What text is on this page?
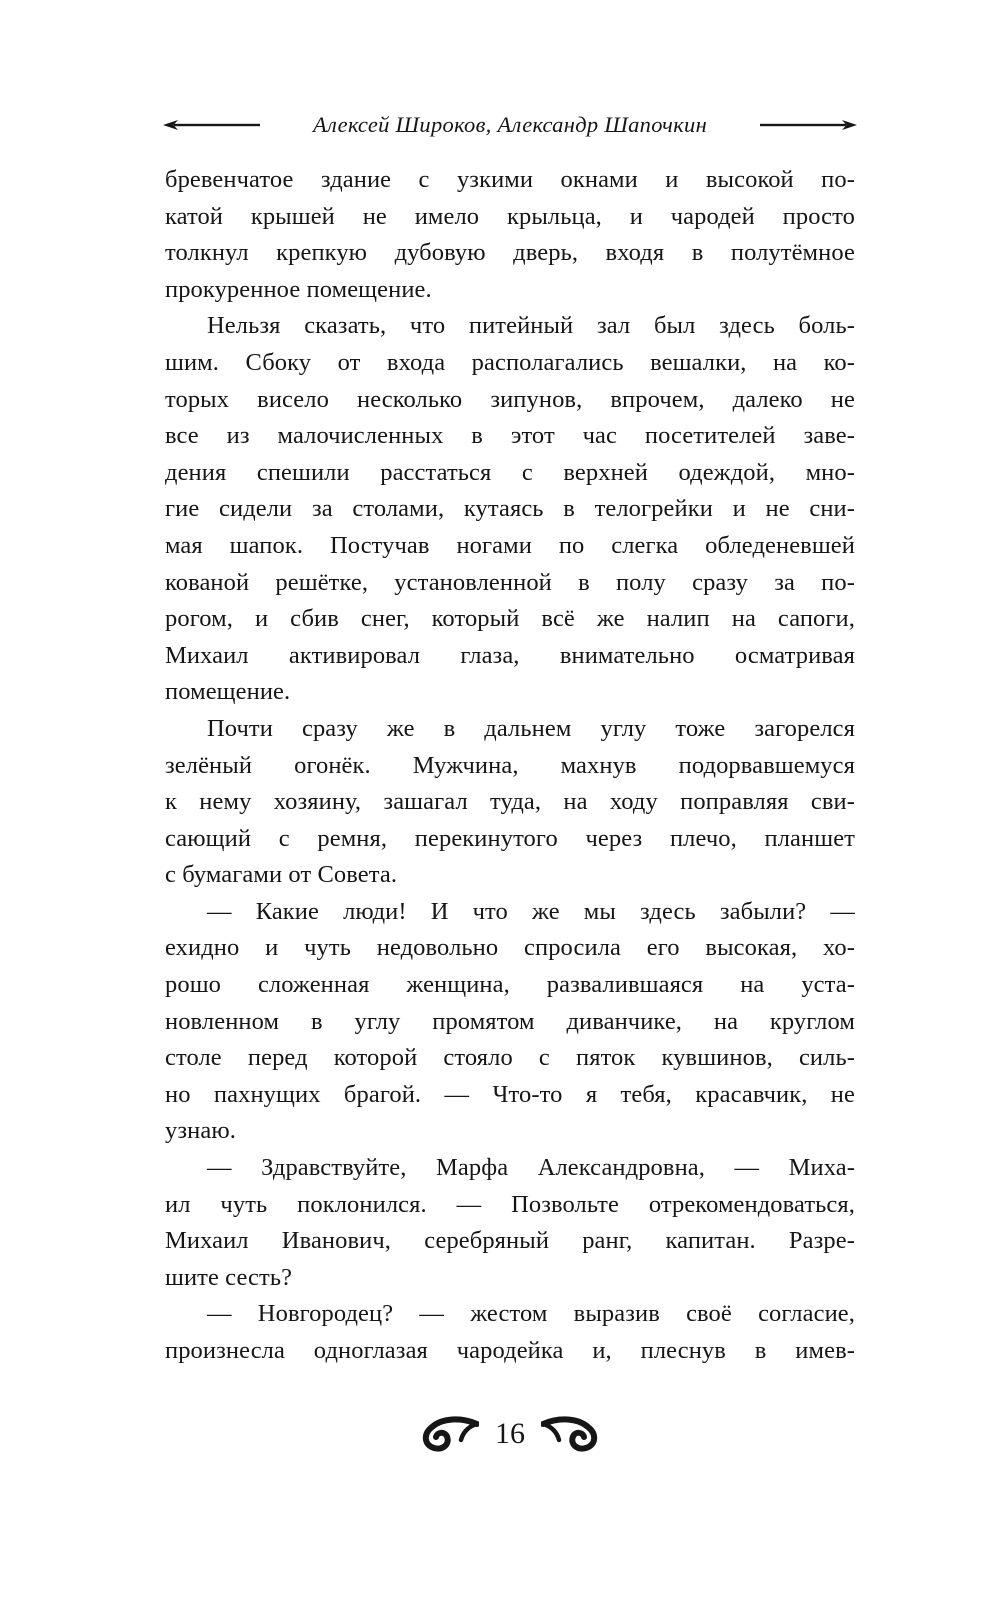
Алексей Широков, Александр Шапочкин
бревенчатое здание с узкими окнами и высокой по-
катой крышей не имело крыльца, и чародей просто
толкнул крепкую дубовую дверь, входя в полутёмное
прокуренное помещение.
Нельзя сказать, что питейный зал был здесь боль-
шим. Сбоку от входа располагались вешалки, на ко-
торых висело несколько зипунов, впрочем, далеко не
все из малочисленных в этот час посетителей заве-
дения спешили расстаться с верхней одеждой, мно-
гие сидели за столами, кутаясь в телогрейки и не сни-
мая шапок. Постучав ногами по слегка обледеневшей
кованой решётке, установленной в полу сразу за по-
рогом, и сбив снег, который всё же налип на сапоги,
Михаил активировал глаза, внимательно осматривая
помещение.
Почти сразу же в дальнем углу тоже загорелся
зелёный огонёк. Мужчина, махнув подорвавшемуся
к нему хозяину, зашагал туда, на ходу поправляя сви-
сающий с ремня, перекинутого через плечо, планшет
с бумагами от Совета.
— Какие люди! И что же мы здесь забыли? —
ехидно и чуть недовольно спросила его высокая, хо-
рошо сложенная женщина, развалившаяся на уста-
новленном в углу промятом диванчике, на круглом
столе перед которой стояло с пяток кувшинов, силь-
но пахнущих брагой. — Что-то я тебя, красавчик, не
узнаю.
— Здравствуйте, Марфа Александровна, — Миха-
ил чуть поклонился. — Позвольте отрекомендоваться,
Михаил Иванович, серебряный ранг, капитан. Разре-
шите сесть?
— Новгородец? — жестом выразив своё согласие,
произнесла одноглазая чародейка и, плеснув в имев-
16
